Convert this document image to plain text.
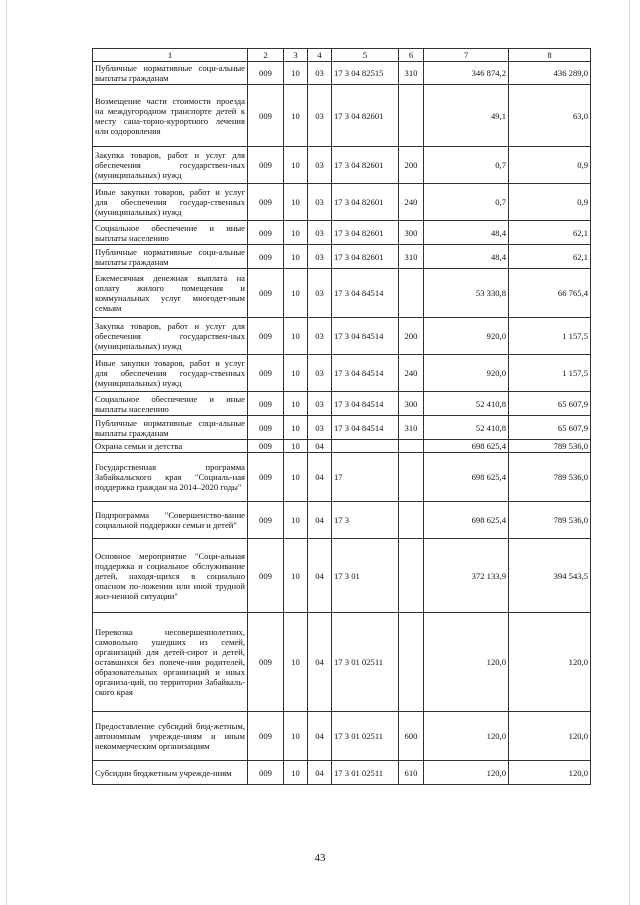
1	2	3	4	5	6	7	8
Публичные нормативные соци-альные выплаты гражданам	009	10	03	17 3 04 82515	310	346 874,2	436 289,0
Возмещение части стоимости проезда на междугородном транспорте детей к месту сана-торно-курортного лечения или оздоровления	009	10	03	17 3 04 82601		49,1	63,0
Закупка товаров, работ и услуг для обеспечения государствен-ных (муниципальных) нужд	009	10	03	17 3 04 82601	200	0,7	0,9
Иные закупки товаров, работ и услуг для обеспечения государ-ственных (муниципальных) нужд	009	10	03	17 3 04 82601	240	0,7	0,9
Социальное обеспечение и иные выплаты населению	009	10	03	17 3 04 82601	300	48,4	62,1
Публичные нормативные соци-альные выплаты гражданам	009	10	03	17 3 04 82601	310	48,4	62,1
Ежемесячная денежная выплата на оплату жилого помещения и коммунальных услуг многодет-ным семьям	009	10	03	17 3 04 84514		53 330,8	66 765,4
Закупка товаров, работ и услуг для обеспечения государствен-ных (муниципальных) нужд	009	10	03	17 3 04 84514	200	920,0	1 157,5
Иные закупки товаров, работ и услуг для обеспечения государ-ственных (муниципальных) нужд	009	10	03	17 3 04 84514	240	920,0	1 157,5
Социальное обеспечение и иные выплаты населению	009	10	03	17 3 04 84514	300	52 410,8	65 607,9
Публичные нормативные соци-альные выплаты гражданам	009	10	03	17 3 04 84514	310	52 410,8	65 607,9
Охрана семьи и детства	009	10	04			698 625,4	789 536,0
Государственная программа Забайкальского края "Социаль-ная поддержка граждан на 2014–2020 годы"	009	10	04	17		698 625,4	789 536,0
Подпрограмма "Совершенство-вание социальной поддержки семьи и детей"	009	10	04	17 3		698 625,4	789 536,0
Основное мероприятие "Соци-альная поддержка и социальное обслуживание детей, находя-щихся в социально опасном по-ложении или иной трудной жиз-ненной ситуации"	009	10	04	17 3 01		372 133,9	394 543,5
Перевозка несовершеннолетних, самовольно ушедших из семей, организаций для детей-сирот и детей, оставшихся без попече-ния родителей, образовательных организаций и иных организа-ций, по территории Забайкаль-ского края	009	10	04	17 3 01 02511		120,0	120,0
Предоставление субсидий бюд-жетным, автономным учрежде-ниям и иным некоммерческим организациям	009	10	04	17 3 01 02511	600	120,0	120,0
Субсидии бюджетным учрежде-ниям	009	10	04	17 3 01 02511	610	120,0	120,0
43
